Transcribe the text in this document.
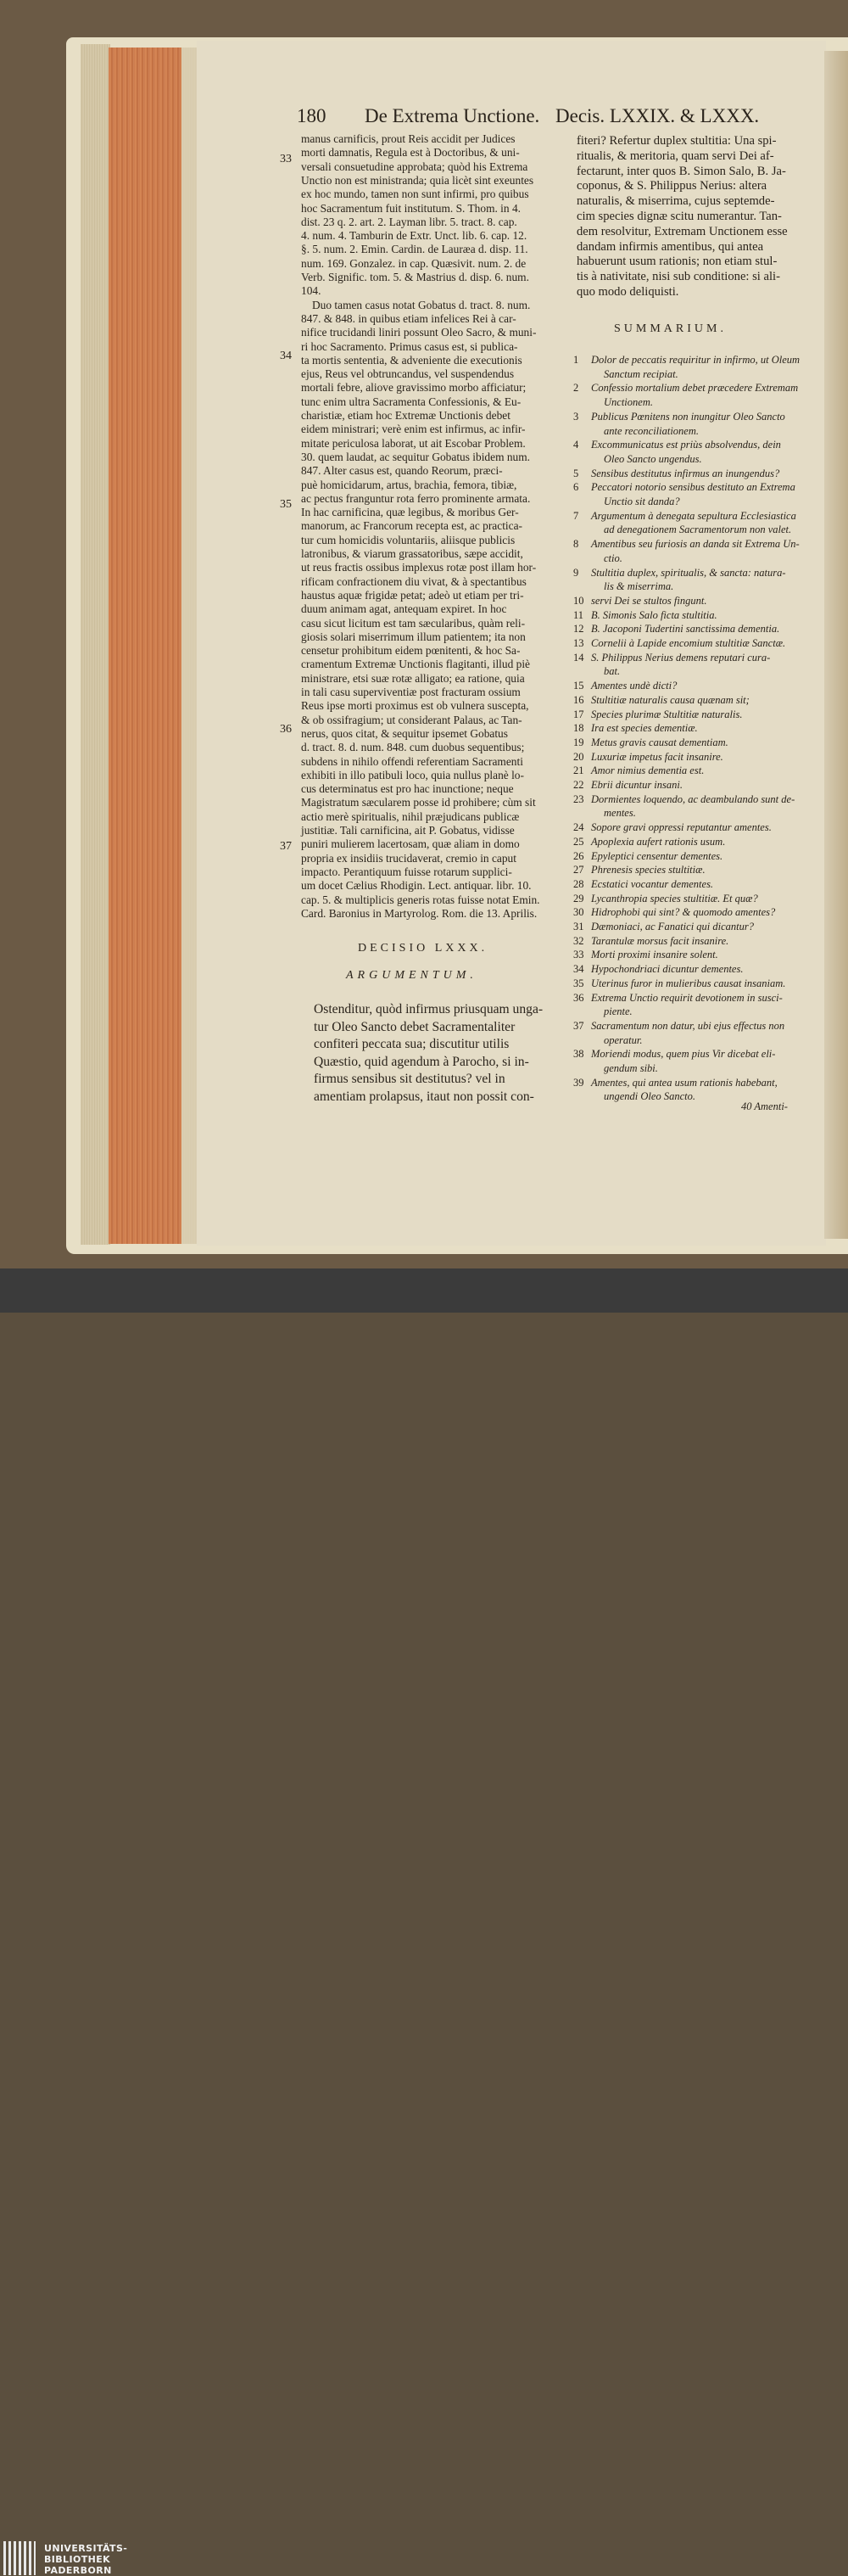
180 De Extrema Unctione. Decis. LXXIX. & LXXX.
manus carnificis, prout Reis accidit per Judices
morti damnatis, Regula est à Doctoribus, & uni-
versali consuetudine approbata; quòd his Extrema
Unctio non est ministranda; quia licèt sint exeuntes
ex hoc mundo, tamen non sunt infirmi, pro quibus
hoc Sacramentum fuit institutum. S. Thom. in 4.
dist. 23 q. 2. art. 2. Layman libr. 5. tract. 8. cap.
4. num. 4. Tamburin de Extr. Unct. lib. 6. cap. 12.
§. 5. num. 2. Emin. Cardin. de Lauræa d. disp. 11.
num. 169. Gonzalez. in cap. Quæsivit. num. 2. de
Verb. Signific. tom. 5. & Mastrius d. disp. 6. num.
104.
Duo tamen casus notat Gobatus d. tract. 8. num.
847. & 848. in quibus etiam infelices Rei à car-
nifice trucidandi liniri possunt Oleo Sacro, & muni-
ri hoc Sacramento. Primus casus est, si publica-
ta mortis sententia, & adveniente die executionis
ejus, Reus vel obtruncandus, vel suspendendus
mortali febre, aliove gravissimo morbo afficiatur;
tunc enim ultra Sacramenta Confessionis, & Eu-
charistiæ, etiam hoc Extremæ Unctionis debet
eidem ministrari; verè enim est infirmus, ac infir-
mitate periculosa laborat, ut ait Escobar Problem.
30. quem laudat, ac sequitur Gobatus ibidem num.
847. Alter casus est, quando Reorum, præci-
puè homicidarum, artus, brachia, femora, tibiæ,
ac pectus franguntur rota ferro prominente armata.
In hac carnificina, quæ legibus, & moribus Ger-
manorum, ac Francorum recepta est, ac practica-
tur cum homicidis voluntariis, aliisque publicis
latronibus, & viarum grassatoribus, sæpe accidit,
ut reus fractis ossibus implexus rotæ post illam hor-
rificam confractionem diu vivat, & à spectantibus
haustus aquæ frigidæ petat; adeò ut etiam per tri-
duum animam agat, antequam expiret. In hoc
casu sicut licitum est tam sæcularibus, quàm reli-
giosis solari miserrimum illum patientem; ita non
censetur prohibitum eidem pœnitenti, & hoc Sa-
cramentum Extremæ Unctionis flagitanti, illud piè
ministrare, etsi suæ rotæ alligato; ea ratione, quia
in tali casu superviventiæ post fracturam ossium
Reus ipse morti proximus est ob vulnera suscepta,
& ob ossifragium; ut considerant Palaus, ac Tan-
nerus, quos citat, & sequitur ipsemet Gobatus
d. tract. 8. d. num. 848. cum duobus sequentibus;
subdens in nihilo offendi referentiam Sacramenti
exhibiti in illo patibuli loco, quia nullus planè lo-
cus determinatus est pro hac inunctione; neque
Magistratum sæcularem posse id prohibere; cùm sit
actio merè spiritualis, nihil præjudicans publicæ
justitiæ. Tali carnificina, ait P. Gobatus, vidisse
puniri mulierem lacertosam, quæ aliam in domo
propria ex insidiis trucidaverat, cremio in caput
impacto. Perantiquum fuisse rotarum supplici-
um docet Cælius Rhodigin. Lect. antiquar. libr. 10.
cap. 5. & multiplicis generis rotas fuisse notat Emin.
Card. Baronius in Martyrolog. Rom. die 13. Aprilis.
33
34
35
36
37
DECISIO LXXX.
ARGUMENTUM.
Ostenditur, quòd infirmus priusquam unga-
tur Oleo Sancto debet Sacramentaliter
confiteri peccata sua; discutitur utilis
Quæstio, quid agendum à Parocho, si in-
firmus sensibus sit destitutus? vel in
amentiam prolapsus, itaut non possit con-
fiteri? Refertur duplex stultitia: Una spi-
ritualis, & meritoria, quam servi Dei af-
fectarunt, inter quos B. Simon Salo, B. Ja-
coponus, & S. Philippus Nerius: altera
naturalis, & miserrima, cujus septemde-
cim species dignæ scitu numerantur. Tan-
dem resolvitur, Extremam Unctionem esse
dandam infirmis amentibus, qui antea
habuerunt usum rationis; non etiam stul-
tis à nativitate, nisi sub conditione: si ali-
quo modo deliquisti.
SUMMARIUM.
1 Dolor de peccatis requiritur in infirmo, ut Oleum
Sanctum recipiat.
2 Confessio mortalium debet præcedere Extremam
Unctionem.
3 Publicus Pœnitens non inungitur Oleo Sancto
ante reconciliationem.
4 Excommunicatus est priùs absolvendus, dein
Oleo Sancto ungendus.
5 Sensibus destitutus infirmus an inungendus?
6 Peccatori notorio sensibus destituto an Extrema
Unctio sit danda?
7 Argumentum à denegata sepultura Ecclesiastica
ad denegationem Sacramentorum non valet.
8 Amentibus seu furiosis an danda sit Extrema Un-
ctio.
9 Stultitia duplex, spiritualis, & sancta: natura-
lis & miserrima.
10 servi Dei se stultos fingunt.
11 B. Simonis Salo ficta stultitia.
12 B. Jacoponi Tudertini sanctissima dementia.
13 Cornelii à Lapide encomium stultitiæ Sanctæ.
14 S. Philippus Nerius demens reputari cura-
bat.
15 Amentes undè dicti?
16 Stultitiæ naturalis causa quænam sit;
17 Species plurimæ Stultitiæ naturalis.
18 Ira est species dementiæ.
19 Metus gravis causat dementiam.
20 Luxuriæ impetus facit insanire.
21 Amor nimius dementia est.
22 Ebrii dicuntur insani.
23 Dormientes loquendo, ac deambulando sunt de-
mentes.
24 Sopore gravi oppressi reputantur amentes.
25 Apoplexia aufert rationis usum.
26 Epyleptici censentur dementes.
27 Phrenesis species stultitiæ.
28 Ecstatici vocantur dementes.
29 Lycanthropia species stultitiæ. Et quæ?
30 Hidrophobi qui sint? & quomodo amentes?
31 Dæmoniaci, ac Fanatici qui dicantur?
32 Tarantulæ morsus facit insanire.
33 Morti proximi insanire solent.
34 Hypochondriaci dicuntur dementes.
35 Uterinus furor in mulieribus causat insaniam.
36 Extrema Unctio requirit devotionem in susci-
piente.
37 Sacramentum non datur, ubi ejus effectus non
operatur.
38 Moriendi modus, quem pius Vir dicebat eli-
gendum sibi.
39 Amentes, qui antea usum rationis habebant,
ungendi Oleo Sancto.
40 Amenti-
UNIVERSITÄTS-
BIBLIOTHEK
PADERBORN
